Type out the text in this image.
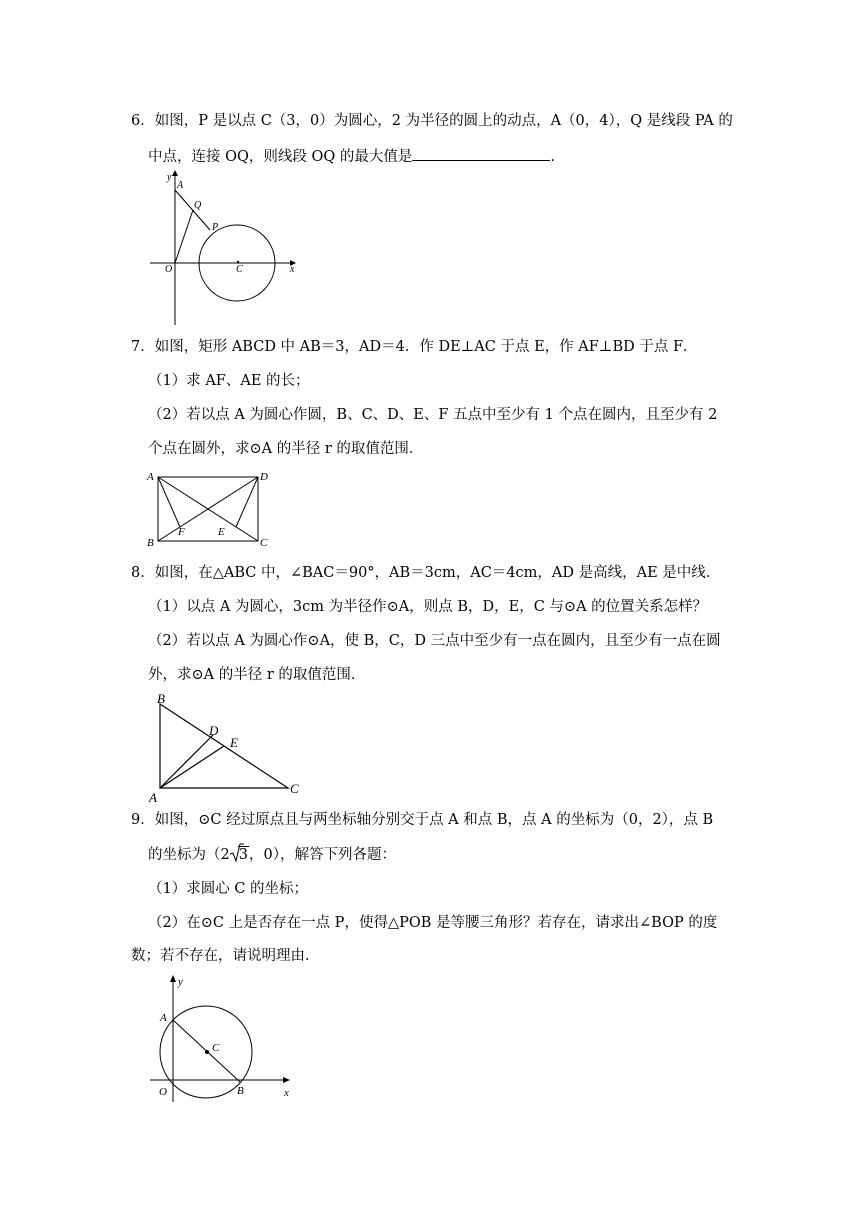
6．如图，P 是以点 C（3，0）为圆心，2 为半径的圆上的动点，A（0，4），Q 是线段 PA 的
中点，连接 OQ，则线段 OQ 的最大值是	.
y
A
Q
P
O	C	x
7．如图，矩形 ABCD 中 AB＝3，AD＝4．作 DE⊥AC 于点 E，作 AF⊥BD 于点 F．
（1）求 AF、AE 的长；
（2）若以点 A 为圆心作圆，B、C、D、E、F 五点中至少有 1 个点在圆内，且至少有 2
个点在圆外，求⊙A 的半径 r 的取值范围．
A	D
B	C
F	E
8．如图，在△ABC 中，∠BAC＝90°，AB＝3cm，AC＝4cm，AD 是高线，AE 是中线．
（1）以点 A 为圆心，3cm 为半径作⊙A，则点 B，D，E，C 与⊙A 的位置关系怎样？
（2）若以点 A 为圆心作⊙A，使 B，C，D 三点中至少有一点在圆内，且至少有一点在圆
外，求⊙A 的半径 r 的取值范围．
B
D
E
A
C
9．如图，⊙C 经过原点且与两坐标轴分别交于点 A 和点 B，点 A 的坐标为（0，2），点 B
的坐标为（2 3，0），解答下列各题：
（1）求圆心 C 的坐标；
（2）在⊙C 上是否存在一点 P，使得△POB 是等腰三角形？若存在，请求出∠BOP 的度
数；若不存在，请说明理由．
y
A
C
O	B	x
